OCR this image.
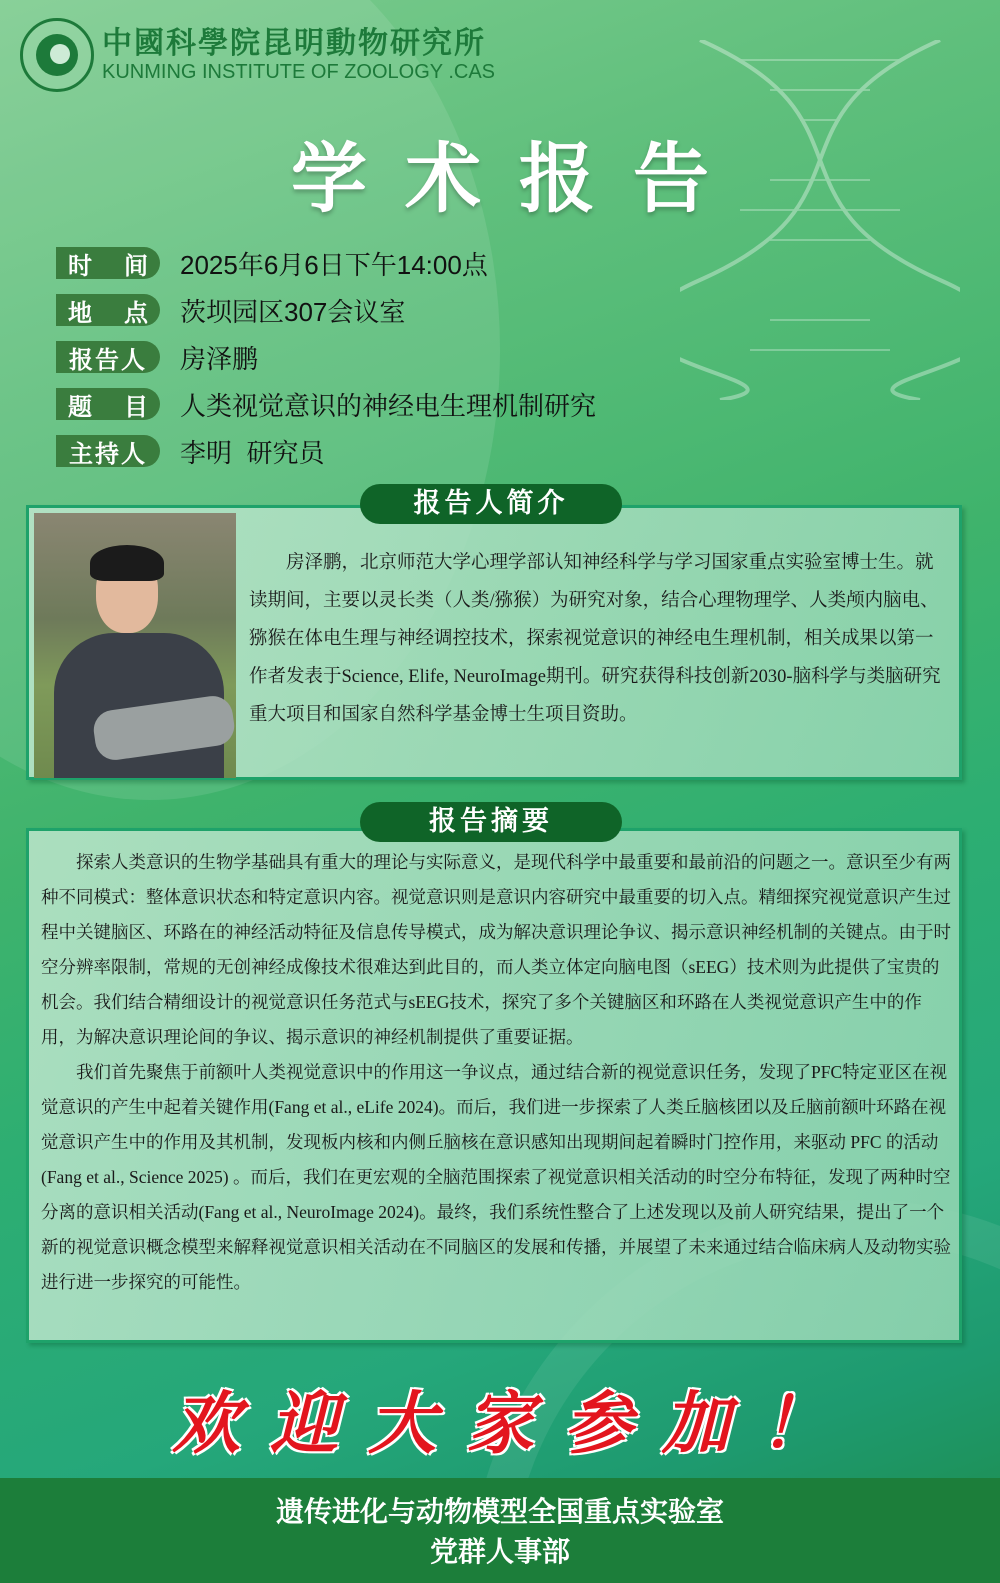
中國科學院昆明動物研究所
KUNMING INSTITUTE OF ZOOLOGY .CAS
学术报告
时 间 2025年6月6日下午14:00点
地 点 茨坝园区307会议室
报告人 房泽鹏
题 目 人类视觉意识的神经电生理机制研究
主持人 李明  研究员
报告人简介
房泽鹏，北京师范大学心理学部认知神经科学与学习国家重点实验室博士生。就读期间，主要以灵长类（人类/猕猴）为研究对象，结合心理物理学、人类颅内脑电、猕猴在体电生理与神经调控技术，探索视觉意识的神经电生理机制，相关成果以第一作者发表于Science, Elife, NeuroImage期刊。研究获得科技创新2030-脑科学与类脑研究重大项目和国家自然科学基金博士生项目资助。
报告摘要

探索人类意识的生物学基础具有重大的理论与实际意义，是现代科学中最重要和最前沿的问题之一。意识至少有两种不同模式：整体意识状态和特定意识内容。视觉意识则是意识内容研究中最重要的切入点。精细探究视觉意识产生过程中关键脑区、环路在的神经活动特征及信息传导模式，成为解决意识理论争议、揭示意识神经机制的关键点。由于时空分辨率限制，常规的无创神经成像技术很难达到此目的，而人类立体定向脑电图（sEEG）技术则为此提供了宝贵的机会。我们结合精细设计的视觉意识任务范式与sEEG技术，探究了多个关键脑区和环路在人类视觉意识产生中的作用，为解决意识理论间的争议、揭示意识的神经机制提供了重要证据。

我们首先聚焦于前额叶人类视觉意识中的作用这一争议点，通过结合新的视觉意识任务，发现了PFC特定亚区在视觉意识的产生中起着关键作用(Fang et al., eLife 2024)。而后，我们进一步探索了人类丘脑核团以及丘脑前额叶环路在视觉意识产生中的作用及其机制，发现板内核和内侧丘脑核在意识感知出现期间起着瞬时门控作用，来驱动 PFC 的活动(Fang et al., Science 2025) 。而后，我们在更宏观的全脑范围探索了视觉意识相关活动的时空分布特征，发现了两种时空分离的意识相关活动(Fang et al., NeuroImage 2024)。最终，我们系统性整合了上述发现以及前人研究结果，提出了一个新的视觉意识概念模型来解释视觉意识相关活动在不同脑区的发展和传播，并展望了未来通过结合临床病人及动物实验进行进一步探究的可能性。

欢迎大家参加！
遗传进化与动物模型全国重点实验室
党群人事部
